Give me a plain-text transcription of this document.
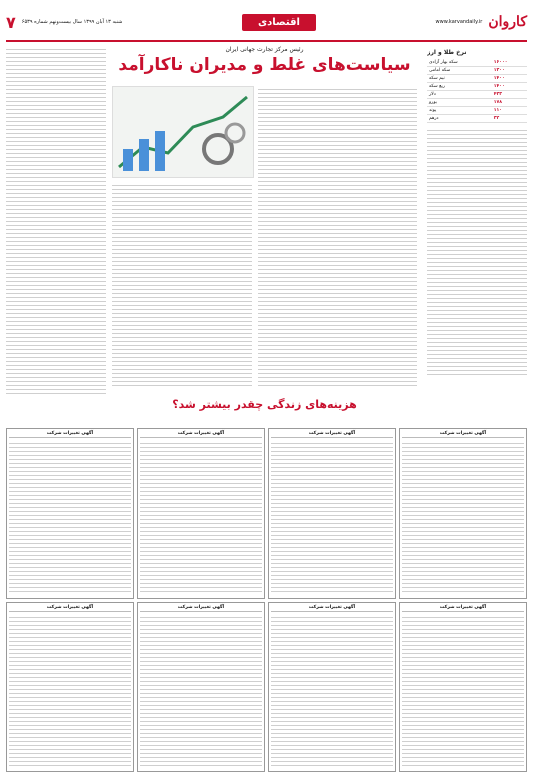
۷ شنبه ۱۳ آبان ۱۳۹۹ سال بیست‌ونهم شماره ۶۵۳۹	اقتصادی	www.karvandaily.ir کاروان
نرخ طلا و ارز
سکه بهار آزادی	۱۶۰۰۰
سکه امامی	۱۳۰۰
نیم سکه	۱۴۰۰
ربع سکه	۱۴۰۰
دلار	۴۳۳
یورو	۱۷۸
پوند	۱۱۰
درهم	۳۲
رئیس مرکز تجارت جهانی ایران
سیاست‌های غلط و مدیران ناکارآمد
هزینه‌های زندگی چقدر بیشتر شد؟
آگهی تغییرات شرکت
آگهی تغییرات شرکت
آگهی تغییرات شرکت
آگهی تغییرات شرکت
آگهی تغییرات شرکت
آگهی تغییرات شرکت
آگهی تغییرات شرکت
آگهی تغییرات شرکت
